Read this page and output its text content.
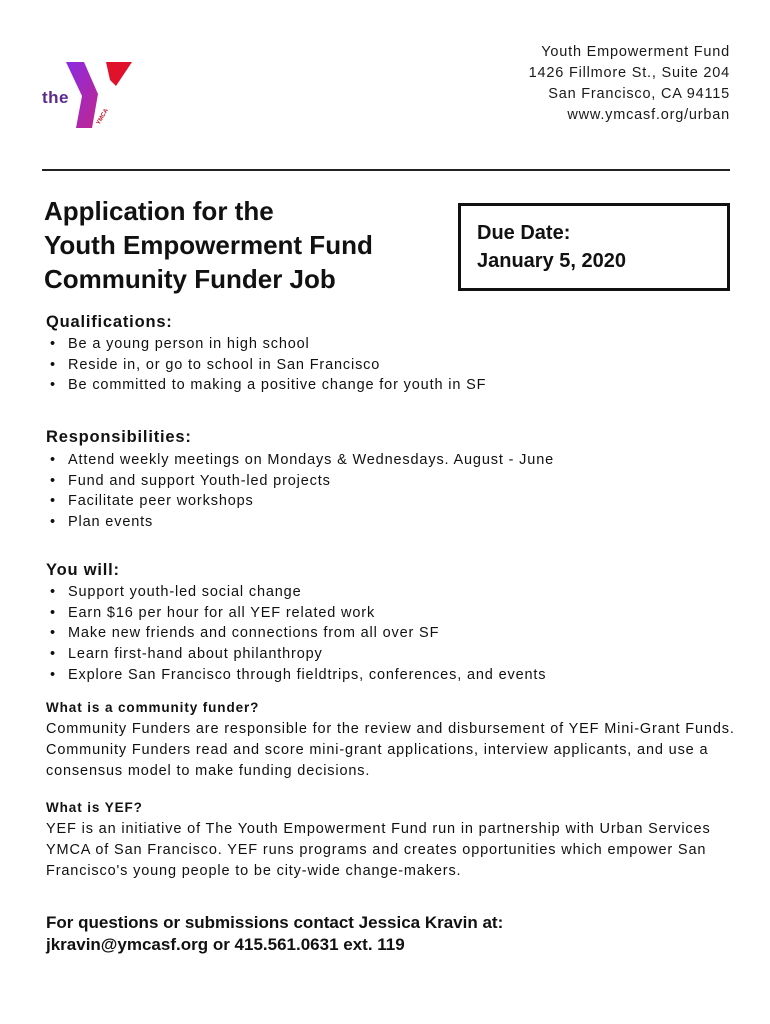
the
YMCA
Youth Empowerment Fund
1426 Fillmore St., Suite 204
San Francisco, CA 94115
www.ymcasf.org/urban
Application for the
Youth Empowerment Fund
Community Funder Job
Due Date:
January 5, 2020
Qualifications:
• Be a young person in high school
• Reside in, or go to school in San Francisco
• Be committed to making a positive change for youth in SF
Responsibilities:
• Attend weekly meetings on Mondays & Wednesdays. August - June
• Fund and support Youth-led projects
• Facilitate peer workshops
• Plan events
You will:
• Support youth-led social change
• Earn $16 per hour for all YEF related work
• Make new friends and connections from all over SF
• Learn first-hand about philanthropy
• Explore San Francisco through fieldtrips, conferences, and events
What is a community funder?
Community Funders are responsible for the review and disbursement of YEF Mini-Grant Funds. Community Funders read and score mini-grant applications, interview applicants, and use a consensus model to make funding decisions.
What is YEF?
YEF is an initiative of The Youth Empowerment Fund run in partnership with Urban Services YMCA of San Francisco. YEF runs programs and creates opportunities which empower San Francisco's young people to be city-wide change-makers.
For questions or submissions contact Jessica Kravin at:
jkravin@ymcasf.org or 415.561.0631 ext. 119
